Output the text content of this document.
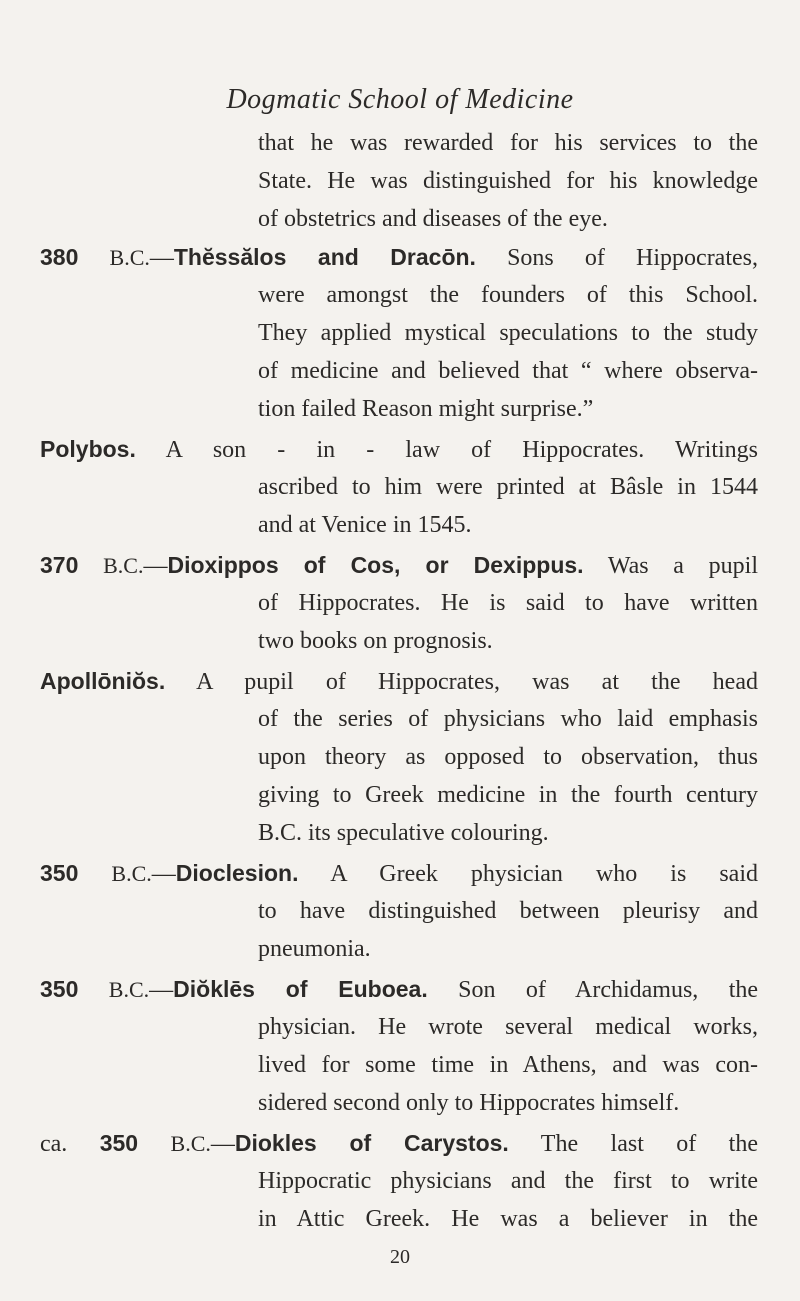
Dogmatic School of Medicine
that he was rewarded for his services to the
State. He was distinguished for his knowledge
of obstetrics and diseases of the eye.
380 B.C.—Thĕssălos and Dracōn. Sons of Hippocrates,
were amongst the founders of this School.
They applied mystical speculations to the study
of medicine and believed that “ where observa-
tion failed Reason might surprise.”
Polybos. A son - in - law of Hippocrates. Writings
ascribed to him were printed at Bâsle in 1544
and at Venice in 1545.
370 B.C.—Dioxippos of Cos, or Dexippus. Was a pupil
of Hippocrates. He is said to have written
two books on prognosis.
Apollōniŏs. A pupil of Hippocrates, was at the head
of the series of physicians who laid emphasis
upon theory as opposed to observation, thus
giving to Greek medicine in the fourth century
B.C. its speculative colouring.
350 B.C.—Dioclesion. A Greek physician who is said
to have distinguished between pleurisy and
pneumonia.
350 B.C.—Diŏklēs of Euboea. Son of Archidamus, the
physician. He wrote several medical works,
lived for some time in Athens, and was con-
sidered second only to Hippocrates himself.
ca. 350 B.C.—Diokles of Carystos. The last of the
Hippocratic physicians and the first to write
in Attic Greek. He was a believer in the
20
